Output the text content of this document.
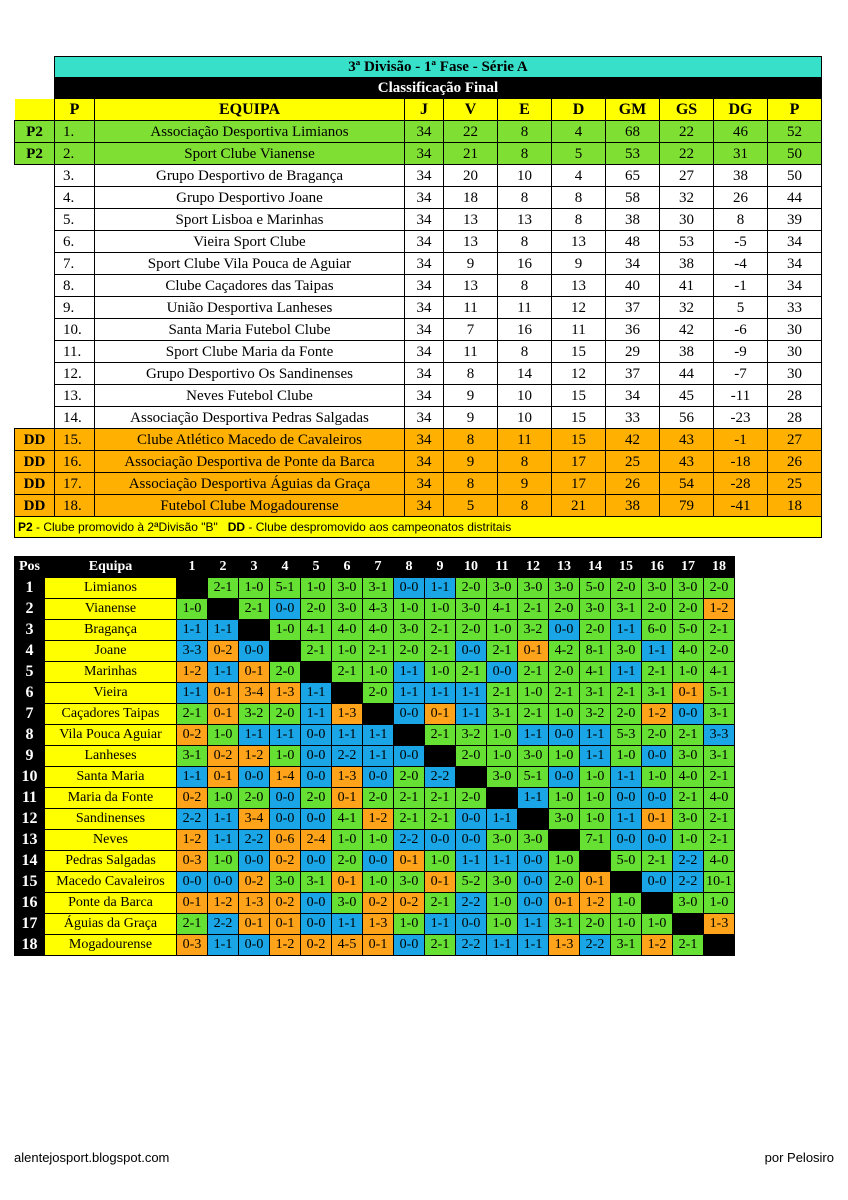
	3ª Divisão - 1ª Fase - Série A									
	Classificação Final									
	P	EQUIPA	J	V	E	D	GM	GS	DG	P
P2	1.	Associação Desportiva Limianos	34	22	8	4	68	22	46	52
P2	2.	Sport Clube Vianense	34	21	8	5	53	22	31	50
	3.	Grupo Desportivo de Bragança	34	20	10	4	65	27	38	50
	4.	Grupo Desportivo Joane	34	18	8	8	58	32	26	44
	5.	Sport Lisboa e Marinhas	34	13	13	8	38	30	8	39
	6.	Vieira Sport Clube	34	13	8	13	48	53	-5	34
	7.	Sport Clube Vila Pouca de Aguiar	34	9	16	9	34	38	-4	34
	8.	Clube Caçadores das Taipas	34	13	8	13	40	41	-1	34
	9.	União Desportiva Lanheses	34	11	11	12	37	32	5	33
	10.	Santa Maria Futebol Clube	34	7	16	11	36	42	-6	30
	11.	Sport Clube Maria da Fonte	34	11	8	15	29	38	-9	30
	12.	Grupo Desportivo Os Sandinenses	34	8	14	12	37	44	-7	30
	13.	Neves Futebol Clube	34	9	10	15	34	45	-11	28
	14.	Associação Desportiva Pedras Salgadas	34	9	10	15	33	56	-23	28
DD	15.	Clube Atlético Macedo de Cavaleiros	34	8	11	15	42	43	-1	27
DD	16.	Associação Desportiva de Ponte da Barca	34	9	8	17	25	43	-18	26
DD	17.	Associação Desportiva Águias da Graça	34	8	9	17	26	54	-28	25
DD	18.	Futebol Clube Mogadourense	34	5	8	21	38	79	-41	18
P2 - Clube promovido à 2ªDivisão "B"   DD - Clube despromovido aos campeonatos distritais										
Pos	Equipa	1	2	3	4	5	6	7	8	9	10	11	12	13	14	15	16	17	18
1	Limianos		2-1	1-0	5-1	1-0	3-0	3-1	0-0	1-1	2-0	3-0	3-0	3-0	5-0	2-0	3-0	3-0	2-0
2	Vianense	1-0		2-1	0-0	2-0	3-0	4-3	1-0	1-0	3-0	4-1	2-1	2-0	3-0	3-1	2-0	2-0	1-2
3	Bragança	1-1	1-1		1-0	4-1	4-0	4-0	3-0	2-1	2-0	1-0	3-2	0-0	2-0	1-1	6-0	5-0	2-1
4	Joane	3-3	0-2	0-0		2-1	1-0	2-1	2-0	2-1	0-0	2-1	0-1	4-2	8-1	3-0	1-1	4-0	2-0
5	Marinhas	1-2	1-1	0-1	2-0		2-1	1-0	1-1	1-0	2-1	0-0	2-1	2-0	4-1	1-1	2-1	1-0	4-1
6	Vieira	1-1	0-1	3-4	1-3	1-1		2-0	1-1	1-1	1-1	2-1	1-0	2-1	3-1	2-1	3-1	0-1	5-1
7	Caçadores Taipas	2-1	0-1	3-2	2-0	1-1	1-3		0-0	0-1	1-1	3-1	2-1	1-0	3-2	2-0	1-2	0-0	3-1
8	Vila Pouca Aguiar	0-2	1-0	1-1	1-1	0-0	1-1	1-1		2-1	3-2	1-0	1-1	0-0	1-1	5-3	2-0	2-1	3-3
9	Lanheses	3-1	0-2	1-2	1-0	0-0	2-2	1-1	0-0		2-0	1-0	3-0	1-0	1-1	1-0	0-0	3-0	3-1
10	Santa Maria	1-1	0-1	0-0	1-4	0-0	1-3	0-0	2-0	2-2		3-0	5-1	0-0	1-0	1-1	1-0	4-0	2-1
11	Maria da Fonte	0-2	1-0	2-0	0-0	2-0	0-1	2-0	2-1	2-1	2-0		1-1	1-0	1-0	0-0	0-0	2-1	4-0
12	Sandinenses	2-2	1-1	3-4	0-0	0-0	4-1	1-2	2-1	2-1	0-0	1-1		3-0	1-0	1-1	0-1	3-0	2-1
13	Neves	1-2	1-1	2-2	0-6	2-4	1-0	1-0	2-2	0-0	0-0	3-0	3-0		7-1	0-0	0-0	1-0	2-1
14	Pedras Salgadas	0-3	1-0	0-0	0-2	0-0	2-0	0-0	0-1	1-0	1-1	1-1	0-0	1-0		5-0	2-1	2-2	4-0
15	Macedo Cavaleiros	0-0	0-0	0-2	3-0	3-1	0-1	1-0	3-0	0-1	5-2	3-0	0-0	2-0	0-1		0-0	2-2	10-1
16	Ponte da Barca	0-1	1-2	1-3	0-2	0-0	3-0	0-2	0-2	2-1	2-2	1-0	0-0	0-1	1-2	1-0		3-0	1-0
17	Águias da Graça	2-1	2-2	0-1	0-1	0-0	1-1	1-3	1-0	1-1	0-0	1-0	1-1	3-1	2-0	1-0	1-0		1-3
18	Mogadourense	0-3	1-1	0-0	1-2	0-2	4-5	0-1	0-0	2-1	2-2	1-1	1-1	1-3	2-2	3-1	1-2	2-1	
alentejosport.blogspot.com	por Pelosiro
